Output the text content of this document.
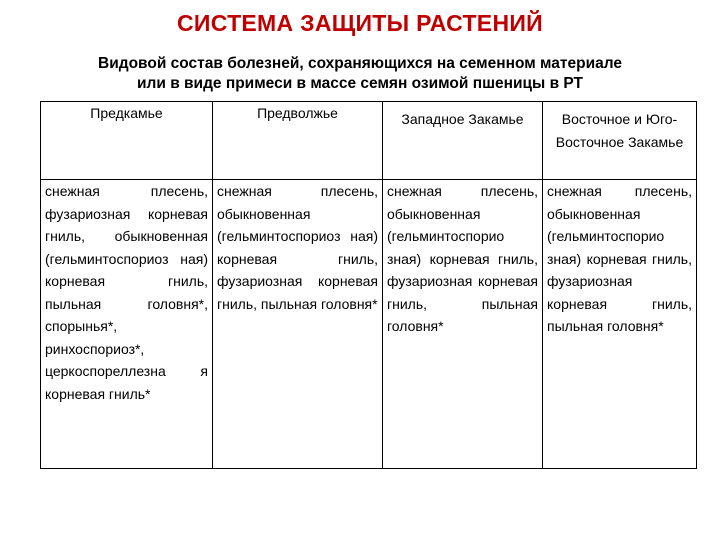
СИСТЕМА ЗАЩИТЫ РАСТЕНИЙ
Видовой состав болезней, сохраняющихся на семенном материале
или в виде примеси в массе семян озимой пшеницы в РТ
Предкамье	Предволжье	Западное Закамье	Восточное и Юго-Восточное Закамье
снежная плесень, фузариозная корневая гниль, обыкновенная (гельминтоспориоз ная) корневая гниль, пыльная головня*, спорынья*, ринхоспориоз*, церкоспореллезна я корневая гниль*	снежная плесень, обыкновенная (гельминтоспориоз ная) корневая гниль, фузариозная корневая гниль, пыльная головня*	снежная плесень, обыкновенная (гельминтоспорио зная) корневая гниль, фузариозная корневая гниль, пыльная головня*	снежная плесень, обыкновенная (гельминтоспорио зная) корневая гниль, фузариозная корневая гниль, пыльная головня*
